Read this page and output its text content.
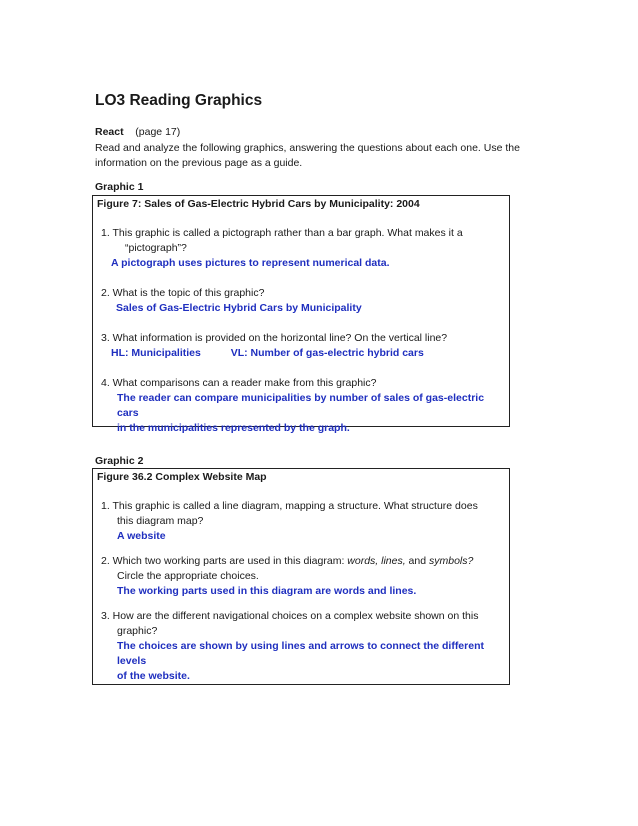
LO3 Reading Graphics
React (page 17)
Read and analyze the following graphics, answering the questions about each one. Use the information on the previous page as a guide.
Graphic 1
Figure 7: Sales of Gas-Electric Hybrid Cars by Municipality: 2004
1. This graphic is called a pictograph rather than a bar graph. What makes it a
“pictograph”?
A pictograph uses pictures to represent numerical data.
2. What is the topic of this graphic?
Sales of Gas-Electric Hybrid Cars by Municipality
3. What information is provided on the horizontal line? On the vertical line?
HL: Municipalities	VL: Number of gas-electric hybrid cars
4. What comparisons can a reader make from this graphic?
The reader can compare municipalities by number of sales of gas-electric cars
in the municipalities represented by the graph.
Graphic 2
Figure 36.2 Complex Website Map
1. This graphic is called a line diagram, mapping a structure. What structure does
this diagram map?
A website
2. Which two working parts are used in this diagram: words, lines, and symbols?
Circle the appropriate choices.
The working parts used in this diagram are words and lines.
3. How are the different navigational choices on a complex website shown on this
graphic?
The choices are shown by using lines and arrows to connect the different levels
of the website.
